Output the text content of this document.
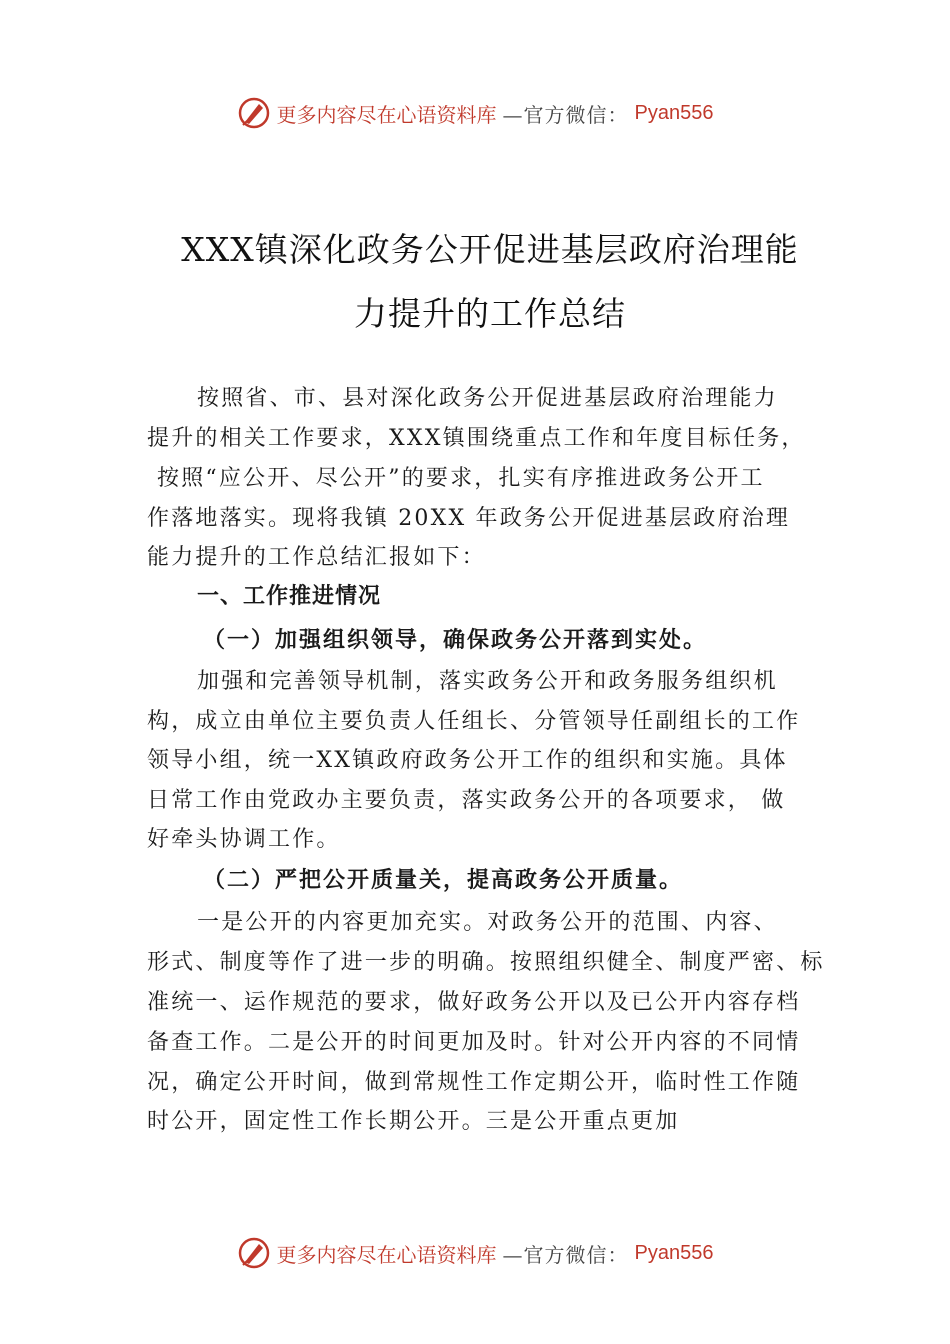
更多内容尽在心语资料库 —官方微信： Pyan556
XXX镇深化政务公开促进基层政府治理能
力提升的工作总结
按照省、市、县对深化政务公开促进基层政府治理能力
提升的相关工作要求，XXX镇围绕重点工作和年度目标任务，
按照“应公开、尽公开”的要求，扎实有序推进政务公开工
作落地落实。现将我镇 20XX 年政务公开促进基层政府治理
能力提升的工作总结汇报如下：
一、工作推进情况
（一）加强组织领导，确保政务公开落到实处。
加强和完善领导机制，落实政务公开和政务服务组织机
构，成立由单位主要负责人任组长、分管领导任副组长的工作
领导小组，统一XX镇政府政务公开工作的组织和实施。具体
日常工作由党政办主要负责，落实政务公开的各项要求， 做
好牵头协调工作。
（二）严把公开质量关，提高政务公开质量。
一是公开的内容更加充实。对政务公开的范围、内容、
形式、制度等作了进一步的明确。按照组织健全、制度严密、标
准统一、运作规范的要求，做好政务公开以及已公开内容存档
备查工作。二是公开的时间更加及时。针对公开内容的不同情
况，确定公开时间，做到常规性工作定期公开，临时性工作随
时公开，固定性工作长期公开。三是公开重点更加
更多内容尽在心语资料库 —官方微信： Pyan556
